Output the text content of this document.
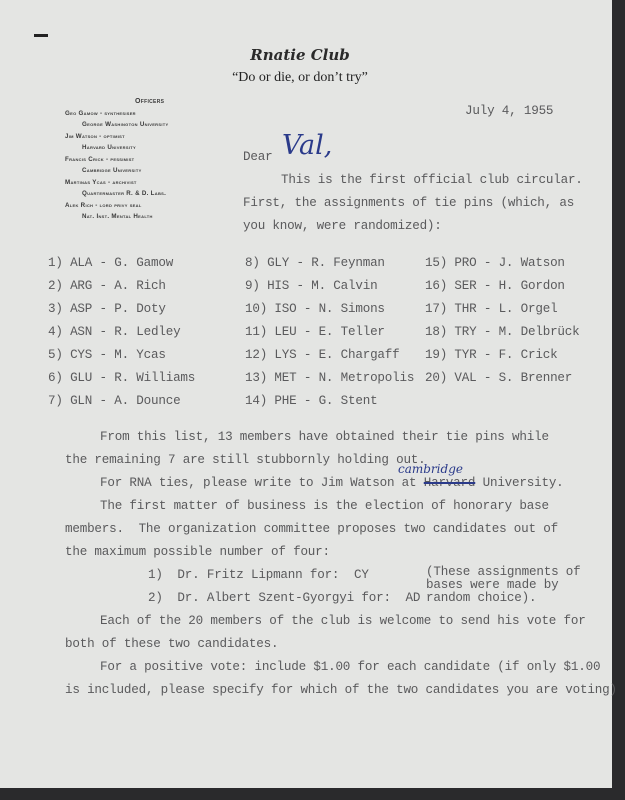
Rnatie Club
“Do or die, or don’t try”
Officers
Geo Gamow - synthesiser
George Washington University
Jim Watson - optimist
Harvard University
Francis Crick - pessimist
Cambridge University
Martinas Ycas - archivist
Quartermaster R. & D. Labs.
Alek Rich - lord privy seal
Nat. Inst. Mental Health
July 4, 1955
Dear Val,
This is the first official club circular.
First, the assignments of tie pins (which, as
you know, were randomized):
1) ALA - G. Gamow	8) GLY - R. Feynman	15) PRO - J. Watson
2) ARG - A. Rich	9) HIS - M. Calvin	16) SER - H. Gordon
3) ASP - P. Doty	10) ISO - N. Simons	17) THR - L. Orgel
4) ASN - R. Ledley	11) LEU - E. Teller	18) TRY - M. Delbrück
5) CYS - M. Ycas	12) LYS - E. Chargaff 19) TYR - F. Crick
6) GLU - R. Williams	13) MET - N. Metropolis 20) VAL - S. Brenner
7) GLN - A. Dounce	14) PHE - G. Stent
From this list, 13 members have obtained their tie pins while
the remaining 7 are still stubbornly holding out.
For RNA ties, please write to Jim Watson at Harvard University.
cambridge
The first matter of business is the election of honorary base
members.  The organization committee proposes two candidates out of
the maximum possible number of four:
1)  Dr. Fritz Lipmann for:  CY
2)  Dr. Albert Szent-Gyorgyi for:  AD
(These assignments of
bases were made by
random choice).
Each of the 20 members of the club is welcome to send his vote for
both of these two candidates.
For a positive vote: include $1.00 for each candidate (if only $1.00
is included, please specify for which of the two candidates you are voting)
